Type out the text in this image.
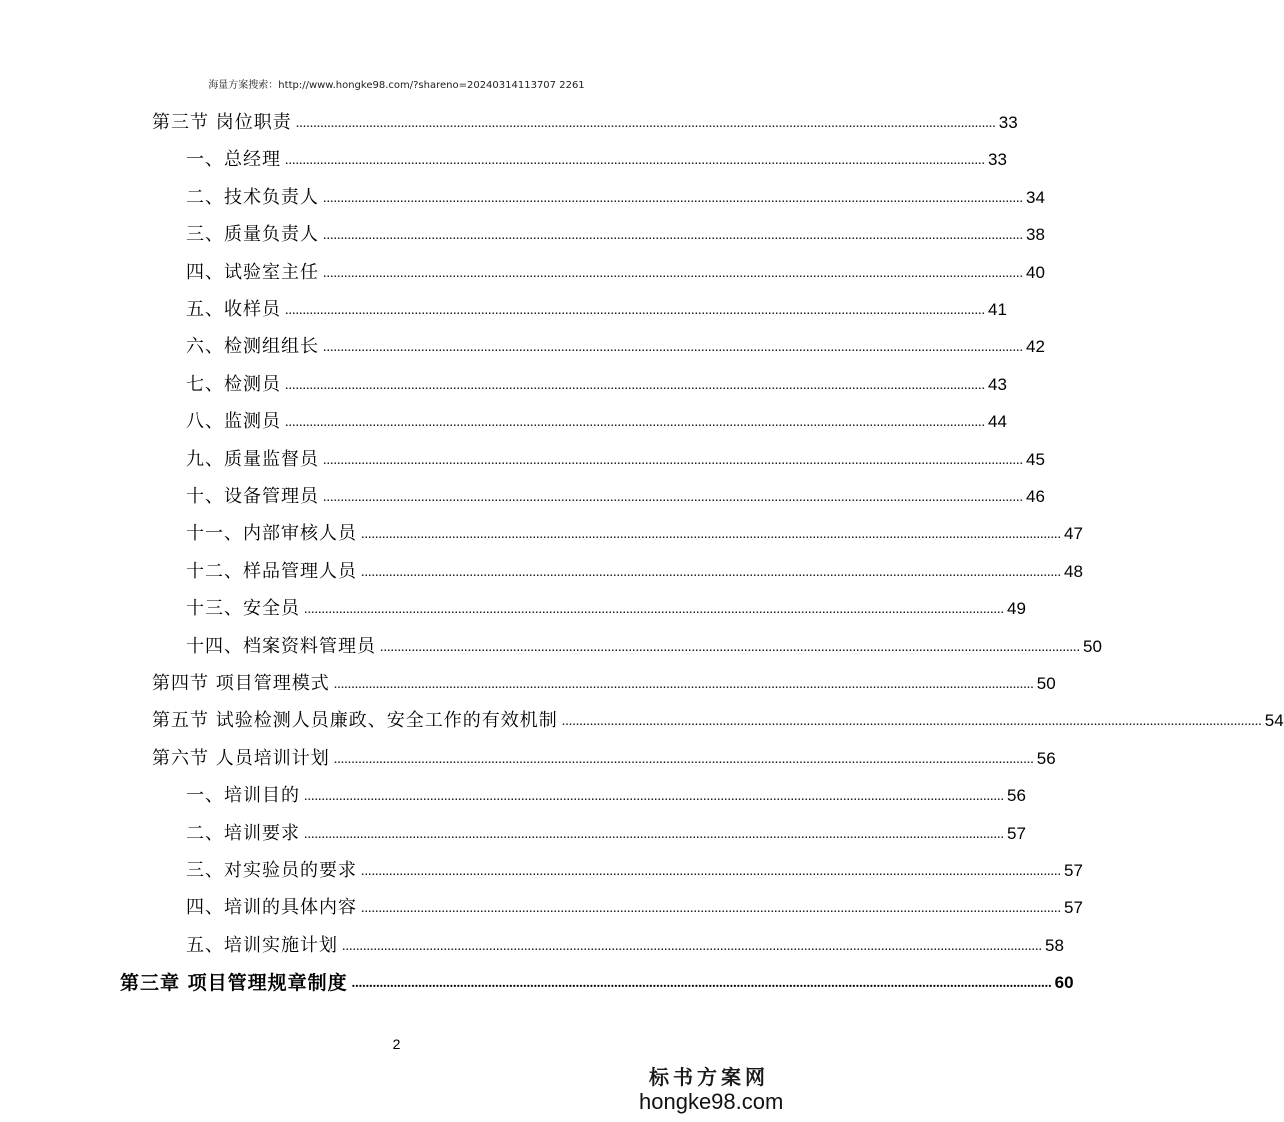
海量方案搜索：http://www.hongke98.com/?shareno=20240314113707 2261
第三节 岗位职责 ........................................................................................................................................................................................................ 33
一、总经理 ........................................................................................................................................................................................................ 33
二、技术负责人 ........................................................................................................................................................................................................ 34
三、质量负责人 ........................................................................................................................................................................................................ 38
四、试验室主任 ........................................................................................................................................................................................................ 40
五、收样员 ........................................................................................................................................................................................................ 41
六、检测组组长 ........................................................................................................................................................................................................ 42
七、检测员 ........................................................................................................................................................................................................ 43
八、监测员 ........................................................................................................................................................................................................ 44
九、质量监督员 ........................................................................................................................................................................................................ 45
十、设备管理员 ........................................................................................................................................................................................................ 46
十一、内部审核人员 ........................................................................................................................................................................................................ 47
十二、样品管理人员 ........................................................................................................................................................................................................ 48
十三、安全员 ........................................................................................................................................................................................................ 49
十四、档案资料管理员 ........................................................................................................................................................................................................ 50
第四节 项目管理模式 ........................................................................................................................................................................................................ 50
第五节 试验检测人员廉政、安全工作的有效机制 ........................................................................................................................................................................................................ 54
第六节 人员培训计划 ........................................................................................................................................................................................................ 56
一、培训目的 ........................................................................................................................................................................................................ 56
二、培训要求 ........................................................................................................................................................................................................ 57
三、对实验员的要求 ........................................................................................................................................................................................................ 57
四、培训的具体内容 ........................................................................................................................................................................................................ 57
五、培训实施计划 ........................................................................................................................................................................................................ 58
第三章 项目管理规章制度 ........................................................................................................................................................................................................ 60
2
标书方案网
hongke98.com
